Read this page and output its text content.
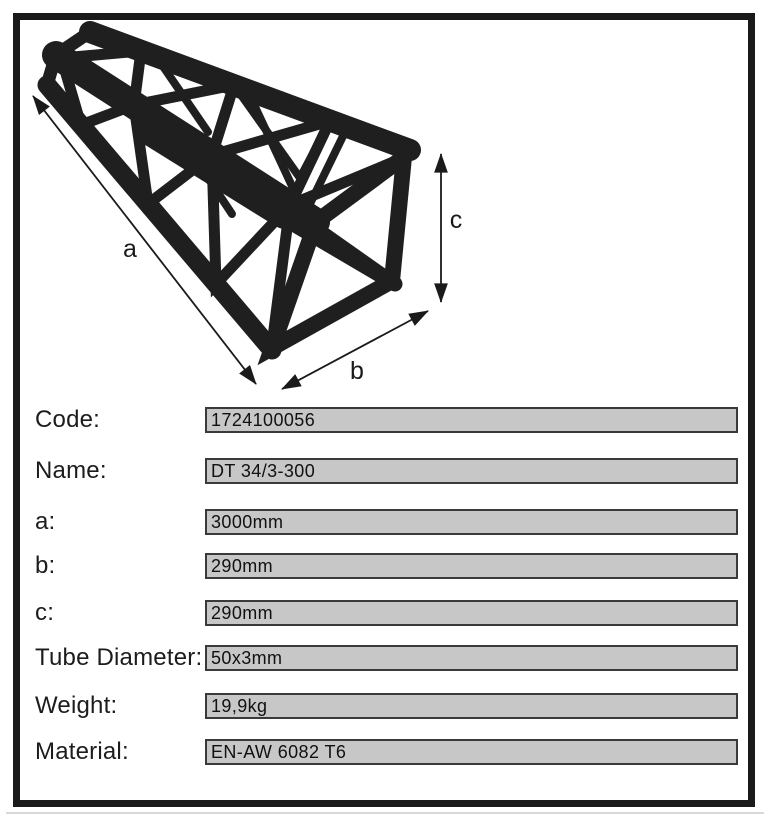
a
b
c
Code:	1724100056
Name:	DT 34/3-300
a:	3000mm
b:	290mm
c:	290mm
Tube Diameter: 50x3mm
Weight:	19,9kg
Material:	EN-AW 6082 T6
